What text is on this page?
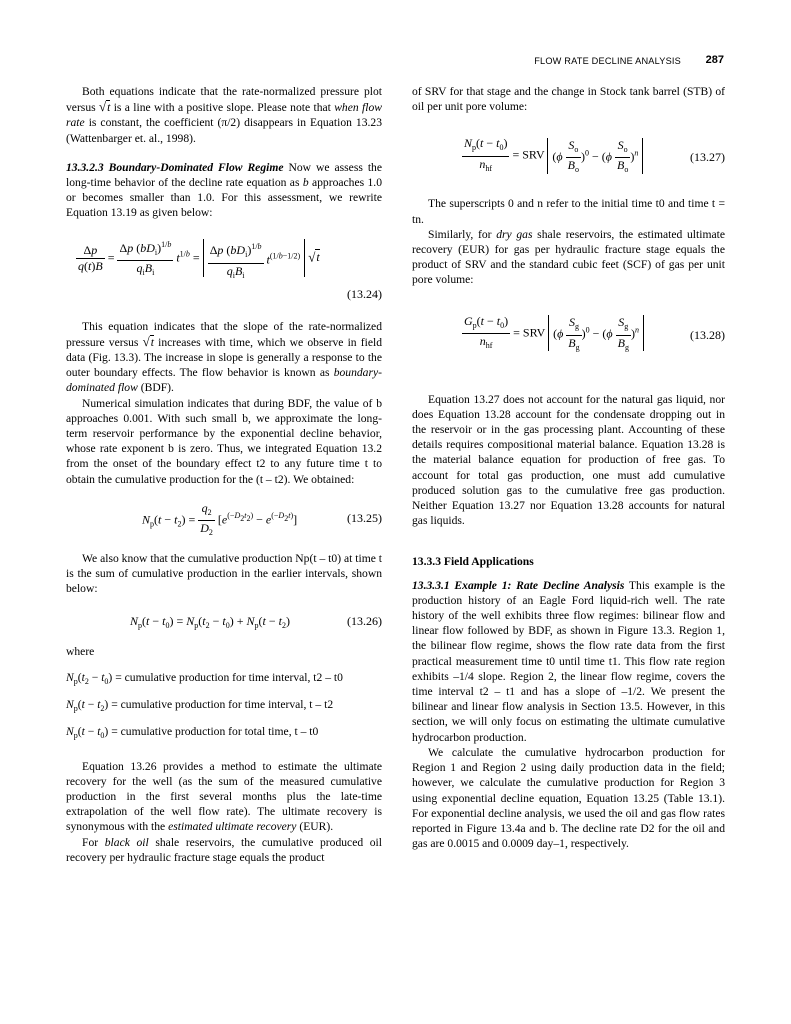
FLOW RATE DECLINE ANALYSIS 287

Both equations indicate that the rate-normalized pressure plot versus √t is a line with a positive slope. Please note that when flow rate is constant, the coefficient (π/2) disappears in Equation 13.23 (Wattenbarger et. al., 1998).

13.3.2.3 Boundary-Dominated Flow Regime Now we assess the long-time behavior of the decline rate equation as b approaches 1.0 or becomes smaller than 1.0. For this assessment, we rewrite Equation 13.19 as given below:

$\frac{\Delta p}{q(t)B} = \frac{\Delta p (bD_i)^{1/b}}{q_iB_i} t^{1/b} = \frac{\Delta p (bD_i)^{1/b}}{q_iB_i} t^{(1/b-1/2)}$ √t
(13.24)

This equation indicates that the slope of the rate-normalized pressure versus √t increases with time, which we observe in field data (Fig. 13.3). The increase in slope is generally a response to the outer boundary effects. The flow behavior is known as boundary-dominated flow (BDF).

Numerical simulation indicates that during BDF, the value of b approaches 0.001. With such small b, we approximate the long-term reservoir performance by the exponential decline behavior, whose rate exponent b is zero. Thus, we integrated Equation 13.2 from the onset of the boundary effect t2 to any future time t to obtain the cumulative production for the (t – t2). We obtained:

$N_p(t - t_2) = \frac{q_2}{D_2} [e^{(-D2t2)} - e^{(-D2t)}]$	(13.25)

We also know that the cumulative production Np(t – t0) at time t is the sum of cumulative production in the earlier intervals, shown below:

$N_p(t - t_0) = N_p(t_2 - t_0) + N_p(t - t_2)$	(13.26)

where

$N_p(t_2 - t_0)$ = cumulative production for time interval, t2 – t0
$N_p(t - t_2)$ = cumulative production for time interval, t – t2
$N_p(t - t_0)$ = cumulative production for total time, t – t0

Equation 13.26 provides a method to estimate the ultimate recovery for the well (as the sum of the measured cumulative production in the first several months plus the late-time extrapolation of the well flow rate). The ultimate recovery is synonymous with the estimated ultimate recovery (EUR).

For black oil shale reservoirs, the cumulative produced oil recovery per hydraulic fracture stage equals the product

of SRV for that stage and the change in Stock tank barrel (STB) of oil per unit pore volume:

$\frac{N_p(t - t_0)}{n_{hf}}$ = SRV $(\phi \frac{S_o}{B_o} )^0 - (\phi \frac{S_o}{B_o} )^n$	(13.27)

The superscripts 0 and n refer to the initial time t0 and time t = tn.

Similarly, for dry gas shale reservoirs, the estimated ultimate recovery (EUR) for gas per hydraulic fracture stage equals the product of SRV and the standard cubic feet (SCF) of gas per unit pore volume:

$\frac{G_p(t - t_0)}{n_{hf}}$ = SRV $(\phi \frac{S_g}{B_g} )^0 - (\phi \frac{S_g}{B_g} )^n$	(13.28)

Equation 13.27 does not account for the natural gas liquid, nor does Equation 13.28 account for the condensate dropping out in the reservoir or in the gas processing plant. Accounting of these details requires compositional material balance. Equation 13.28 is the material balance equation for production of free gas. To account for total gas production, one must add cumulative produced solution gas to the cumulative free gas production. Neither Equation 13.27 nor Equation 13.28 accounts for natural gas liquids.

13.3.3 Field Applications

13.3.3.1 Example 1: Rate Decline Analysis This example is the production history of an Eagle Ford liquid-rich well. The rate history of the well exhibits three flow regimes: bilinear flow and linear flow followed by BDF, as shown in Figure 13.3. Region 1, the bilinear flow regime, shows the flow rate data from the first practical measurement time t0 until time t1. This flow rate region exhibits –1/4 slope. Region 2, the linear flow regime, covers the time interval t2 – t1 and has a slope of –1/2. We present the bilinear and linear flow analysis in Section 13.5. However, in this section, we will only focus on estimating the ultimate cumulative hydrocarbon production.

We calculate the cumulative hydrocarbon production for Region 1 and Region 2 using daily production data in the field; however, we calculate the cumulative production for Region 3 using exponential decline equation, Equation 13.25 (Table 13.1). For exponential decline analysis, we used the oil and gas flow rates reported in Figure 13.4a and b. The decline rate D2 for the oil and gas are 0.0015 and 0.0009 day–1, respectively.
